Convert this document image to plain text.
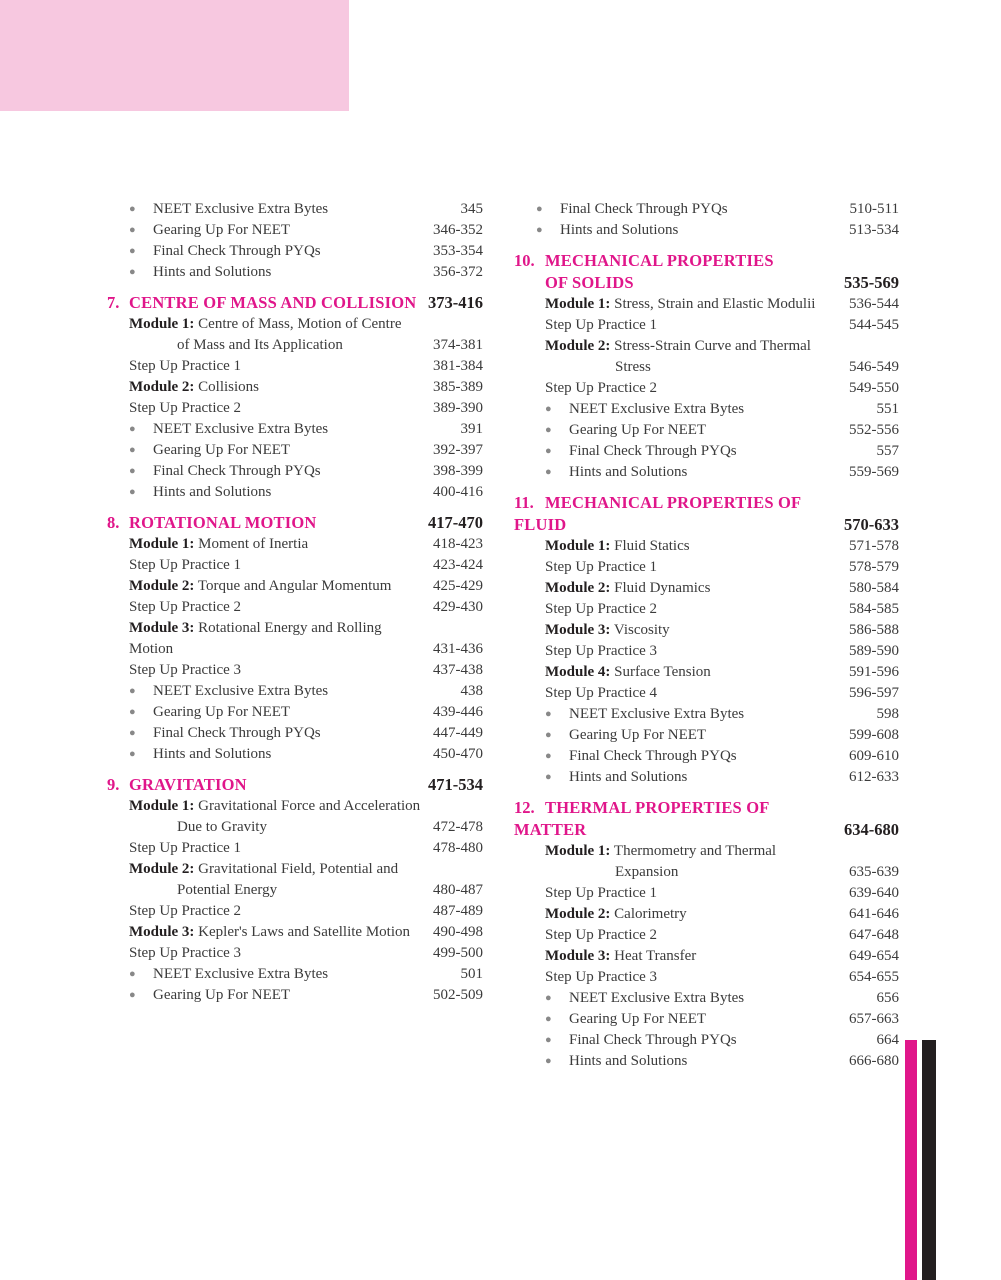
●	NEET Exclusive Extra Bytes	345
●	Gearing Up For NEET	346-352
●	Final Check Through PYQs	353-354
●	Hints and Solutions	356-372
7. CENTRE OF MASS AND COLLISION 373-416
Module 1: Centre of Mass, Motion of Centre
of Mass and Its Application	374-381
Step Up Practice 1	381-384
Module 2: Collisions	385-389
Step Up Practice 2	389-390
●	NEET Exclusive Extra Bytes	391
●	Gearing Up For NEET	392-397
●	Final Check Through PYQs	398-399
●	Hints and Solutions	400-416
8. ROTATIONAL MOTION	417-470
Module 1: Moment of Inertia	418-423
Step Up Practice 1	423-424
Module 2: Torque and Angular Momentum	425-429
Step Up Practice 2	429-430
Module 3: Rotational Energy and Rolling
Motion	431-436
Step Up Practice 3	437-438
●	NEET Exclusive Extra Bytes	438
●	Gearing Up For NEET	439-446
●	Final Check Through PYQs	447-449
●	Hints and Solutions	450-470
9. GRAVITATION	471-534
Module 1: Gravitational Force and Acceleration
Due to Gravity	472-478
Step Up Practice 1	478-480
Module 2: Gravitational Field, Potential and
Potential Energy	480-487
Step Up Practice 2	487-489
Module 3: Kepler's Laws and Satellite Motion	490-498
Step Up Practice 3	499-500
●	NEET Exclusive Extra Bytes	501
●	Gearing Up For NEET	502-509
●	Final Check Through PYQs	510-511
●	Hints and Solutions	513-534
10. MECHANICAL PROPERTIES
OF SOLIDS	535-569
Module 1: Stress, Strain and Elastic Modulii	536-544
Step Up Practice 1	544-545
Module 2: Stress-Strain Curve and Thermal
Stress	546-549
Step Up Practice 2	549-550
●	NEET Exclusive Extra Bytes	551
●	Gearing Up For NEET	552-556
●	Final Check Through PYQs	557
●	Hints and Solutions	559-569
11. MECHANICAL PROPERTIES OF FLUID	570-633
Module 1: Fluid Statics	571-578
Step Up Practice 1	578-579
Module 2: Fluid Dynamics	580-584
Step Up Practice 2	584-585
Module 3: Viscosity	586-588
Step Up Practice 3	589-590
Module 4: Surface Tension	591-596
Step Up Practice 4	596-597
●	NEET Exclusive Extra Bytes	598
●	Gearing Up For NEET	599-608
●	Final Check Through PYQs	609-610
●	Hints and Solutions	612-633
12. THERMAL PROPERTIES OF MATTER	634-680
Module 1: Thermometry and Thermal
Expansion	635-639
Step Up Practice 1	639-640
Module 2: Calorimetry	641-646
Step Up Practice 2	647-648
Module 3: Heat Transfer	649-654
Step Up Practice 3	654-655
●	NEET Exclusive Extra Bytes	656
●	Gearing Up For NEET	657-663
●	Final Check Through PYQs	664
●	Hints and Solutions	666-680
